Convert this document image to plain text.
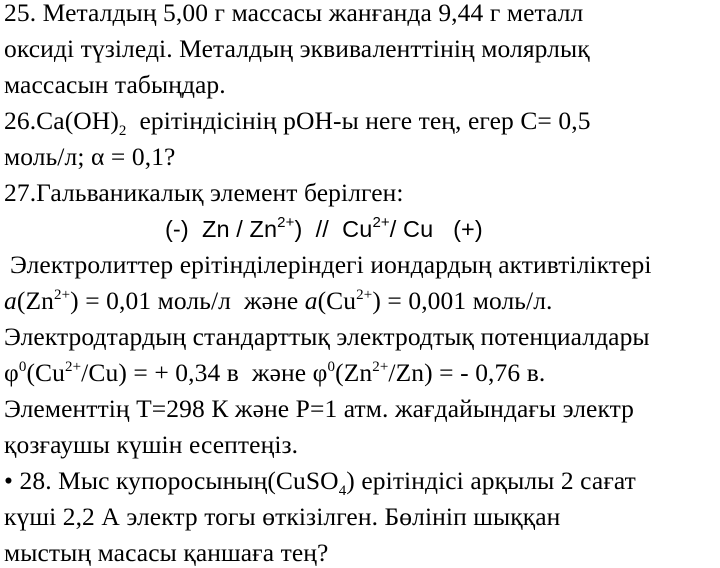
25. Металдың 5,00 г массасы жанғанда 9,44 г металл
оксиді түзіледі. Металдың эквиваленттінің молярлық
массасын табыңдар.
$26.Са(ОН)_2$  ерітіндісінің рОН-ы неге тең, егер С= 0,5
моль/л; α = 0,1?
27.Гальваникалық элемент берілген:
(-)  Zn / $Zn^{2+}) // Cu^{2+}/$ Cu   (+)
Электролиттер ерітінділеріндегі иондардың активтіліктері
$a(Zn^{2+}) = 0,01$ моль/л  және $a(Cu^{2+}) = 0,001$ моль/л.
Электродтардың стандарттық электродтық потенциалдары
$\varphi^0(Cu^{2+}/Cu)$ = + 0,34 в  және $\varphi^0(Zn^{2+}/Zn)$ = - 0,76 в.
Элементтің Т=298 К және Р=1 атм. жағдайындағы электр
қозғаушы күшін есептеңіз.
• 28. Мыс купоросының(CuSO$_4$) ерітіндісі арқылы 2 сағат
күші 2,2 А электр тогы өткізілген. Бөлініп шыққан
мыстың масасы қаншаға тең?
